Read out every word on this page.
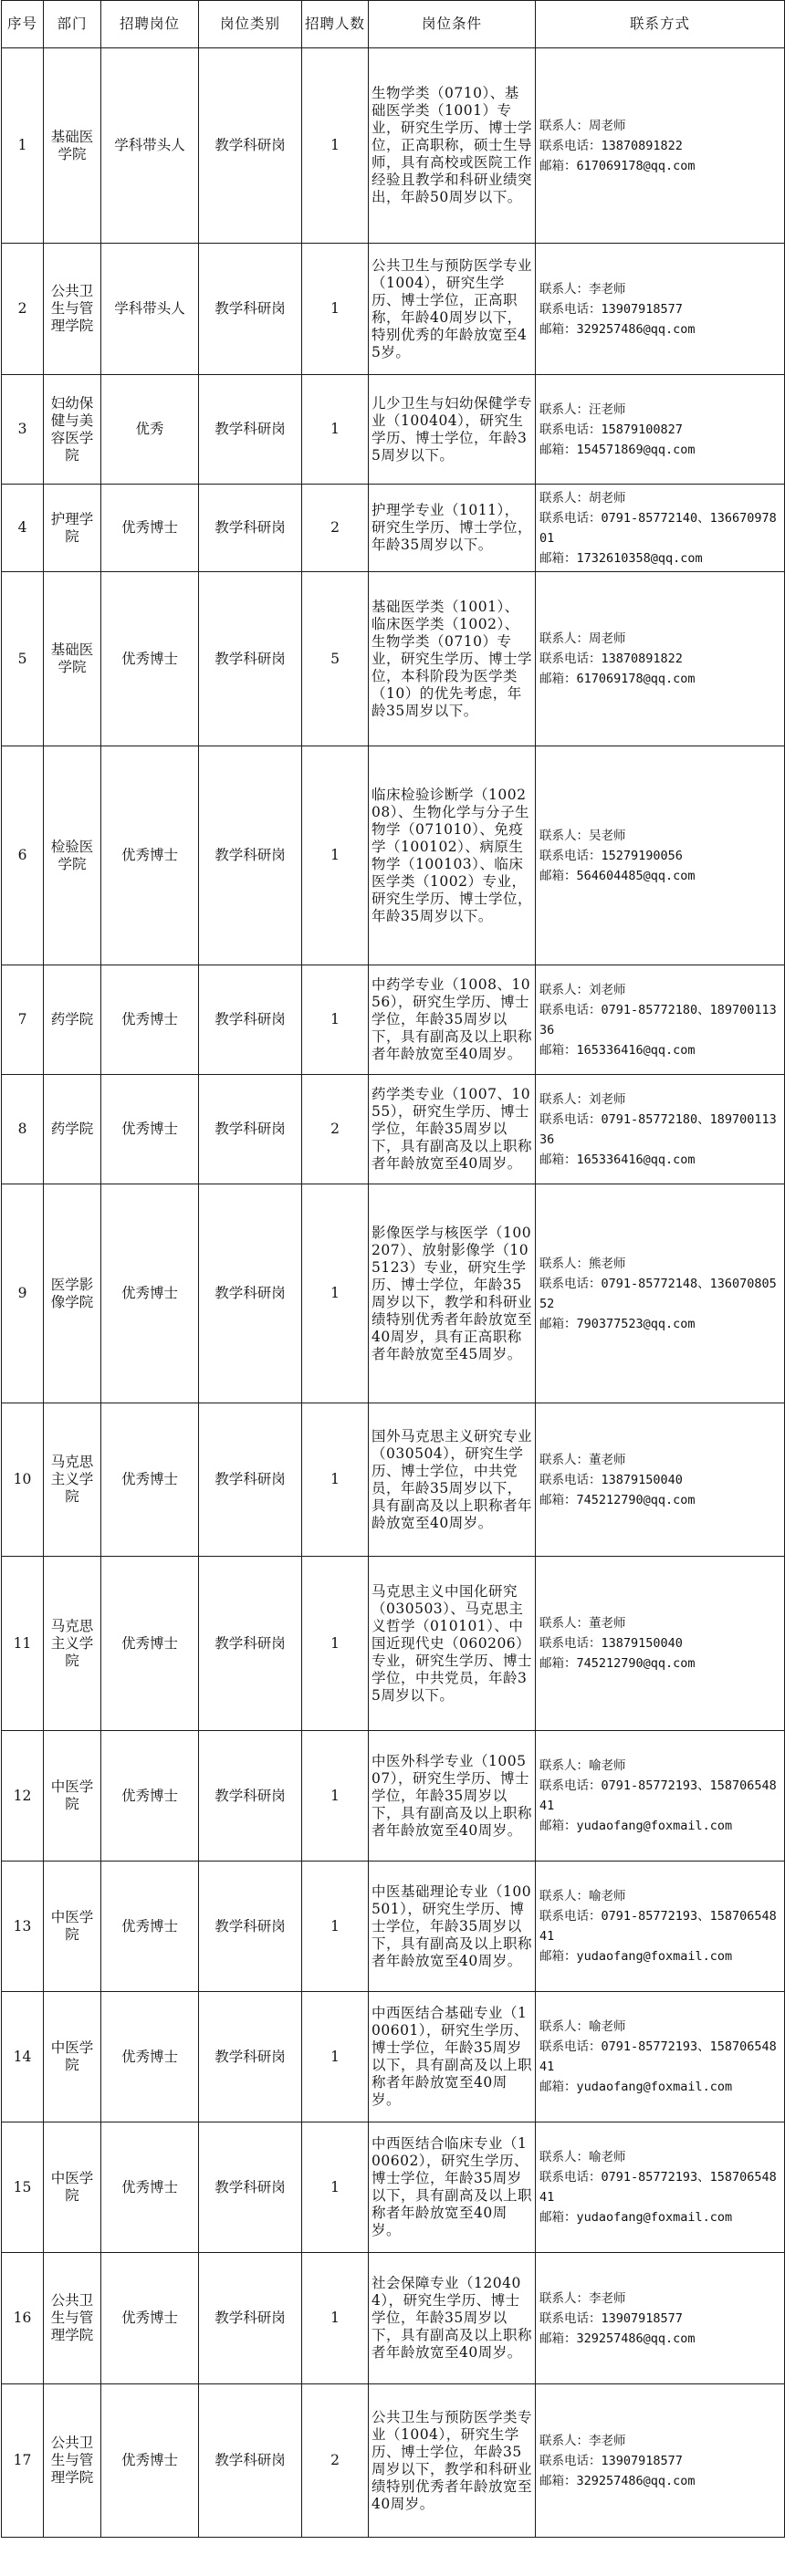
序号	部门	招聘岗位	岗位类别	招聘人数	岗位条件	联系方式
1	基础医学院	学科带头人	教学科研岗	1	生物学类（0710）、基础医学类（1001）专业，研究生学历、博士学位，正高职称，硕士生导师，具有高校或医院工作经验且教学和科研业绩突出，年龄50周岁以下。	联系人：周老师
联系电话：13870891822
邮箱：617069178@qq.com

2	公共卫生与管理学院	学科带头人	教学科研岗	1	公共卫生与预防医学专业（1004），研究生学历、博士学位，正高职称，年龄40周岁以下，特别优秀的年龄放宽至45岁。	联系人：李老师
联系电话：13907918577
邮箱：329257486@qq.com

3	妇幼保健与美容医学院	优秀	教学科研岗	1	儿少卫生与妇幼保健学专业（100404），研究生学历、博士学位，年龄35周岁以下。	联系人：汪老师
联系电话：15879100827
邮箱：154571869@qq.com

4	护理学院	优秀博士	教学科研岗	2	护理学专业（1011），研究生学历、博士学位，年龄35周岁以下。	联系人：胡老师
联系电话：0791-85772140、13667097801
邮箱：1732610358@qq.com

5	基础医学院	优秀博士	教学科研岗	5	基础医学类（1001）、临床医学类（1002）、生物学类（0710）专业，研究生学历、博士学位，本科阶段为医学类（10）的优先考虑，年龄35周岁以下。	联系人：周老师
联系电话：13870891822
邮箱：617069178@qq.com

6	检验医学院	优秀博士	教学科研岗	1	临床检验诊断学（100208）、生物化学与分子生物学（071010）、免疫学（100102）、病原生物学（100103）、临床医学类（1002）专业，研究生学历、博士学位，年龄35周岁以下。	联系人：吴老师
联系电话：15279190056
邮箱：564604485@qq.com

7	药学院	优秀博士	教学科研岗	1	中药学专业（1008、1056），研究生学历、博士学位，年龄35周岁以下，具有副高及以上职称者年龄放宽至40周岁。	联系人：刘老师
联系电话：0791-85772180、18970011336
邮箱：165336416@qq.com

8	药学院	优秀博士	教学科研岗	2	药学类专业（1007、1055），研究生学历、博士学位，年龄35周岁以下，具有副高及以上职称者年龄放宽至40周岁。	联系人：刘老师
联系电话：0791-85772180、18970011336
邮箱：165336416@qq.com

9	医学影像学院	优秀博士	教学科研岗	1	影像医学与核医学（100207）、放射影像学（105123）专业，研究生学历、博士学位，年龄35周岁以下，教学和科研业绩特别优秀者年龄放宽至40周岁，具有正高职称者年龄放宽至45周岁。	联系人：熊老师
联系电话：0791-85772148、13607080552
邮箱：790377523@qq.com

10	马克思主义学院	优秀博士	教学科研岗	1	国外马克思主义研究专业（030504），研究生学历、博士学位，中共党员，年龄35周岁以下，具有副高及以上职称者年龄放宽至40周岁。	联系人：董老师
联系电话：13879150040
邮箱：745212790@qq.com

11	马克思主义学院	优秀博士	教学科研岗	1	马克思主义中国化研究（030503）、马克思主义哲学（010101）、中国近现代史（060206）专业，研究生学历、博士学位，中共党员，年龄35周岁以下。	联系人：董老师
联系电话：13879150040
邮箱：745212790@qq.com

12	中医学院	优秀博士	教学科研岗	1	中医外科学专业（100507），研究生学历、博士学位，年龄35周岁以下，具有副高及以上职称者年龄放宽至40周岁。	联系人：喻老师
联系电话：0791-85772193、15870654841
邮箱：yudaofang@foxmail.com

13	中医学院	优秀博士	教学科研岗	1	中医基础理论专业（100501），研究生学历、博士学位，年龄35周岁以下，具有副高及以上职称者年龄放宽至40周岁。	联系人：喻老师
联系电话：0791-85772193、15870654841
邮箱：yudaofang@foxmail.com

14	中医学院	优秀博士	教学科研岗	1	中西医结合基础专业（100601），研究生学历、博士学位，年龄35周岁以下，具有副高及以上职称者年龄放宽至40周岁。	联系人：喻老师
联系电话：0791-85772193、15870654841
邮箱：yudaofang@foxmail.com

15	中医学院	优秀博士	教学科研岗	1	中西医结合临床专业（100602），研究生学历、博士学位，年龄35周岁以下，具有副高及以上职称者年龄放宽至40周岁。	联系人：喻老师
联系电话：0791-85772193、15870654841
邮箱：yudaofang@foxmail.com

16	公共卫生与管理学院	优秀博士	教学科研岗	1	社会保障专业（120404），研究生学历、博士学位，年龄35周岁以下，具有副高及以上职称者年龄放宽至40周岁。	联系人：李老师
联系电话：13907918577
邮箱：329257486@qq.com

17	公共卫生与管理学院	优秀博士	教学科研岗	2	公共卫生与预防医学类专业（1004），研究生学历、博士学位，年龄35周岁以下，教学和科研业绩特别优秀者年龄放宽至40周岁。	联系人：李老师
联系电话：13907918577
邮箱：329257486@qq.com
